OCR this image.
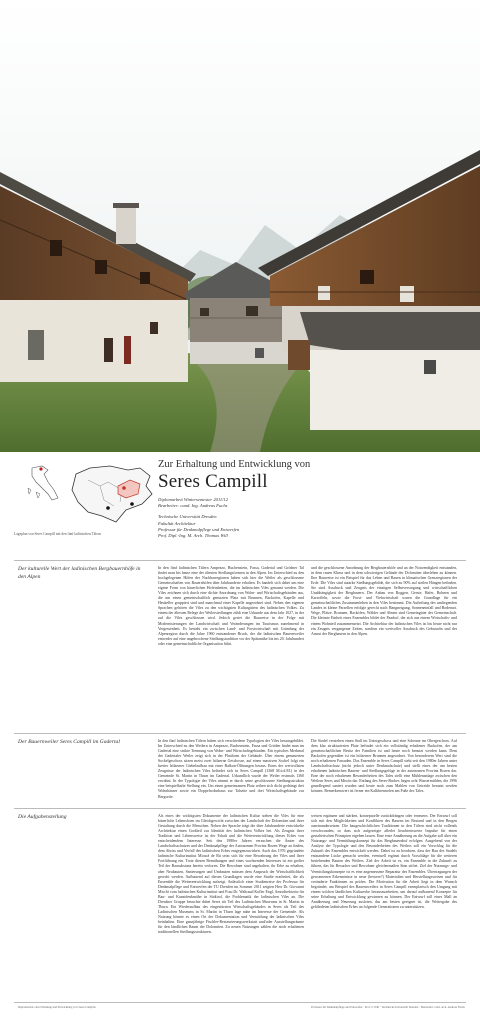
Lageplan von Seres Campill mit den fünf ladinischen Tälern
Zur Erhaltung und Entwicklung von
Seres Campill
Diplomarbeit Wintersemester 2011/12
Bearbeiter: cand. Ing. Andreas Fuchs
Technische Universität Dresden
Fakultät Architektur
Professur für Denkmalpflege und Entwerfen
Prof. Dipl.-Ing. M. Arch. Thomas Will
Der kulturelle Wert der ladinischen Bergbauernhöfe in den Alpen
In den fünf ladinischen Tälern Ampezzo, Buchenstein, Fassa, Gadertal und Grödner Tal findet man bis heute eine der ältesten Siedlungsformen in den Alpen. Im Unterschied zu den hochgelegenen Höfen der Nachbarregionen haben sich hier die Weiler als geschlossene Gemeinschaften von Bauernhöfen über Jahrhunderte erhalten. Es handelt sich dabei um eine eigene Form von bäuerlichen Hofeinheiten, die im ladinischen Viles genannt werden. Die Viles zeichnen sich durch eine dichte Anordnung von Wohn- und Wirtschaftsgebäuden aus, die um einen gemeinschaftlich genutzten Platz mit Brunnen, Backofen, Kapelle und Heukeller gruppiert sind und manchmal einer Kapelle angeordnet sind. Neben den eigenen Sprachen gehören die Viles zu den wichtigsten Kulturgütern des ladinischen Volkes. Zu einem der ältesten Belege der Weilersiedlungen zählt eine Urkunde aus dem Jahr 1027, in der auf die Viles geschlossen wird. Jedoch geriet die Bauweise in der Folge mit Modernisierungen der Landwirtschaft und Veränderungen im Tourismus zunehmend in Vergessenheit. Es besteht ein zwischen Land- und Forstwirtschaft mit Gründung der Alpenregion durch die Jahre 1960 entstandener Bruch, der die ladinischen Bauernweiler entweder auf eine ungebrochene Siedlungstradition vor der Spätantike bis ins 20. Jahrhundert oder eine gemeinschaftliche Organisation führt.
und die geschlossene Anordnung der Bergbauernhöfe und an der Notwendigkeit entstanden, in dem rauen Klima und in dem schwierigen Gelände der Dolomiten überleben zu können. Ihre Bauweise ist ein Beispiel für das Leben und Bauen in klimatischen Grenzregionen der Erde. Die Viles sind autarke Siedlungsgebilde, die sich zu 90% auf steilen Hängen befinden. Sie sind Ausdruck und Zeugnis der einstigen Selbstversorgung und wirtschaftlichen Unabhängigkeit der Bergbauern. Der Anbau von Roggen, Gerste, Hafer, Bohnen und Kartoffeln, sowie die Forst- und Viehwirtschaft waren die Grundlage für ein gemeinschaftliches Zusammenleben in den Viles bestimmt. Die Aufteilung des umliegenden Landes in kleine Parzellen erfolgte gerecht nach Hangneigung, Sonneneinfall und Bodenart. Wege, Plätze, Brunnen, Backöfen, Wälder und Almen sind Gemeingüter der Gemeinschaft. Die kleinste Einheit eines Ensembles bildet der Paarhof, der sich aus einem Wirtschafts- und einem Wohnteil zusammensetzt. Die Architektur der ladinischen Viles ist bis heute nicht nur ein Zeugnis vergangener Zeiten, sondern ein wertvoller Ausdruck des Gebrauchs und der Armut der Bergbauern in den Alpen.
Der Bauernweiler Seres Campill im Gadertal	In den fünf ladinischen Tälern haben sich verschiedene Typologien der Viles herausgebildet. Im Unterschied zu den Weilern in Ampezzo, Buchenstein, Fassa und Gröden findet man im Gadertal eine strikte Trennung von Wohn- und Wirtschaftsgebäuden. Ein typisches Merkmal der Gadertaler Weiler zeigt sich in der Plattform der Gebäude. Über einem gemauerten Sockelgeschoss sitzen meist zwei hölzerne Geschosse, auf einen massiven Sockel folgt ein breiter hölzerner Giebelaufbau mit einer Balkon-Öffnungen heraus. Eines der wertvollsten Zeugnisse der ladinischen Viles befindet sich in Seres Campill (1368 M.ü.d.M.) in der Gemeinde St. Martin in Thurn im Gadertal. Urkundlich wurde der Weiler erstmals 1360 erwähnt. In der Typologie der Viles nimmt er durch seine geschlossene Siedlungsstruktur eine beispielhafte Stellung ein. Um einen gemeinsamen Platz reihen sich dicht gedrängt drei Wohnhäuser sowie ein Doppelwohnhaus zur Talseite und drei Wirtschaftsgebäude zur Bergseite.
Die Stadel verstehen einen Stall im Untergeschoss und eine Scheune im Obergeschoss. Auf dem klar strukturierten Platz befindet sich ein vollständig erhaltener Backofen, der am gemeinschaftlichen Besitz der Familien ist und heute noch benutzt werden kann. Dem Backofen gegenüber ist ein hölzerner Brunnen angeordnet. Von besonderem Wert sind die noch erhaltenen Fassaden. Das Ensemble in Seres Campill steht seit den 1980er Jahren unter Landschaftsschutz (nicht jedoch unter Denkmalschutz) und stellt eines der am besten erhaltenen ladinischen Bauern- und Siedlungsgefüge in der autonomen Provinz Bozen dar. Eine der noch erhaltenen Besonderheiten des Tales stellt eine Mühlenanlage zwischen den Weilern Seres und Miscìn dar. Entlang des Seres-Baches liegen acht Wassermühlen, die 1996 grundlegend saniert wurden und heute noch zum Mahlen von Getreide benutzt werden können. Bemerkenswert ist ferner ein Kalkbrennofen am Fuße des Tales.
Die Aufgabenstellung	Als eines der wichtigsten Dokumente der ladinischen Kultur stehen die Viles für eine bäuerliche Lebensform im Gleichgewicht zwischen der Landschaft der Dolomiten und ihrer Gestaltung durch die Menschen. Neben der Sprache trägt die über Jahrhunderte entwickelte Architektur einen Großteil zur Identität des ladinischen Volkes bei. Als Zeugnis ihrer Tradition und Lebensweise ist der Erhalt und die Weiterentwicklung dieses Erbes von entscheidendem Interesse. Seit den 1980er Jahren versuchen die Ämter des Landschaftsschutzes und der Denkmalpflege der Autonomen Provinz Bozen Wege zu finden, dem Abriss und Verfall des ladinischen Erbes entgegenzuwirken. Auch das 1976 gegründete ladinische Kulturinstitut Micurà de Rü setzt sich für eine Bewahrung der Viles und ihrer Fortführung ein. Trotz diesen Bemühungen und eines wachsenden Interesses ist ein großer Teil der Bausubstanz bereits verloren. Die Bewohner sind angehalten, ihr Erbe zu erhalten, aber Neubauten, Sanierungen und Umbauten müssen dem Anspruch der Wirtschaftlichkeit gerecht werden. Aufbauend auf diesen Grundlagen wurde eine Studie erarbeitet, die als Ensemble die Weiterentwicklung aufzeigt. Anlässlich einer Studienreise der Professur für Denkmalpflege und Entwerfen der TU Dresden im Sommer 2011 zeigten Herr Dr. Giovanni Mischì vom ladinischen Kulturinstitut und Frau Dr. Waltraud Kofler Engl, Amtsdirektorin für Bau- und Kunstdenkmäler in Südtirol, die Problematik der ladinischen Viles an. Die Dresdner Gruppe besuchte dabei Seres als Teil des Ladinischen Museums in St. Martin in Thurn. Ein Wiederaufbau des eingestürzten Wirtschaftsgebäudes in Seres als Teil des Ladinischen Museums in St. Martin in Thurn lage nahe im Interesse der Gemeinde. Als Nutzung könnte es einen Ort der Dokumentation und Vermittlung der ladinischen Viles beinhalten. Eine ganzjährige Fischler-Restaurierungswerkstatt und/oder Ausstellungsräume für den ländlichen Raum der Dolomiten. Zu neuen Nutzungen zählen die noch erhaltenen traditionellen Siedlungsstrukturen.
weisen ergänzen und stärken, konzeptuelle zurückdrängen oder erneuern. Der Entwurf soll sich mit den Möglichkeiten und Konflikten des Bauens im Bestand und in den Bergen auseinandersetzen. Die baugeschichtlichen Traditionen in den Tälern sind nicht vollends verschwunden, so dass sich aufgezeigte allerlei beachtenswerte Impulse für einen gestalterischen Prinzipien ergeben lassen. Eine erste Annäherung an die Aufgabe soll über ein Nutzungs- und Vermittlungskonzept für das Bergbauernhof erfolgen. Ausgehend von der Analyse der Typologie und den Besonderheiten des Weilers soll ein Vorschlag für die Zukunft des Ensembles entwickelt werden. Dabei ist zu beachten, dass der Bau des Stadels entstandene Lücke gemacht werden, eventuell ergänzt durch Vorschläge für die weiteren bestehenden Bauten des Weilers. Ziel der Arbeit ist es, ein Ensemble in die Zukunft zu führen, das für Besucher und Bewohner gleichermaßen Sinn stiftet. Ziel der Nutzungs- und Vermittlungskonzepte ist es eine angemessene Reparatur des Ensembles. Übertragungen der gewonnenen Erkenntnisse in neue (bessere?) Materialien und Herstellungsweisen und für veränderte Funktionen zu prüfen. Die Motivation für die Arbeit liegt in dem Wunsch begründet, am Beispiel des Bauernweilers in Seres Campill exemplarisch den Umgang mit einem solchen ländlichen Kulturerbe herauszuarbeiten, um darauf aufbauend Konzepte für seine Erhaltung und Entwicklung gewinnen zu können. Der Entwurf soll eines Mall an Annäherung und Neuerung ausloten, das am besten geeignet ist, die Weitergabe des gefährdeten ladinischen Erbes an folgende Generationen zu unterstützen.
Diplomarbeit »Zur Erhaltung und Entwicklung von Seres Campill«	Professur für Denkmalpflege und Entwerfen · Prof. T. Will · Technische Universität Dresden · Bearbeiter: cand. arch. Andreas Fuchs
